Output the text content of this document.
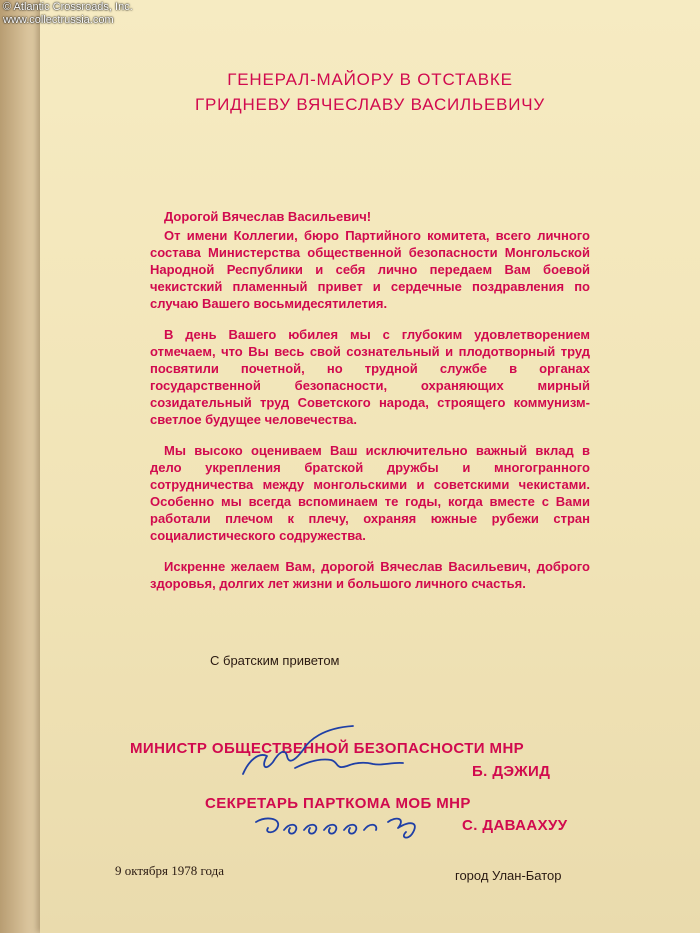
© Atlantic Crossroads, Inc.
www.collectrussia.com
ГЕНЕРАЛ-МАЙОРУ В ОТСТАВКЕ
ГРИДНЕВУ ВЯЧЕСЛАВУ ВАСИЛЬЕВИЧУ

Дорогой Вячеслав Васильевич!

От имени Коллегии, бюро Партийного комитета, всего личного состава Министерства общественной безопасности Монгольской Народной Республики и себя лично передаем Вам боевой чекистский пламенный привет и сердечные поздравления по случаю Вашего восьмидесятилетия.

В день Вашего юбилея мы с глубоким удовлетворением отмечаем, что Вы весь свой сознательный и плодотворный труд посвятили почетной, но трудной службе в органах государственной безопасности, охраняющих мирный созидательный труд Советского народа, строящего коммунизм-светлое будущее человечества.

Мы высоко оцениваем Ваш исключительно важный вклад в дело укрепления братской дружбы и многогранного сотрудничества между монгольскими и советскими чекистами. Особенно мы всегда вспоминаем те годы, когда вместе с Вами работали плечом к плечу, охраняя южные рубежи стран социалистического содружества.

Искренне желаем Вам, дорогой Вячеслав Васильевич, доброго здоровья, долгих лет жизни и большого личного счастья.

С братским приветом
МИНИСТР ОБЩЕСТВЕННОЙ БЕЗОПАСНОСТИ МНР
Б. ДЭЖИД
СЕКРЕТАРЬ ПАРТКОМА МОБ МНР
С. ДАВААХУУ
9 октября 1978 года	город Улан-Батор
